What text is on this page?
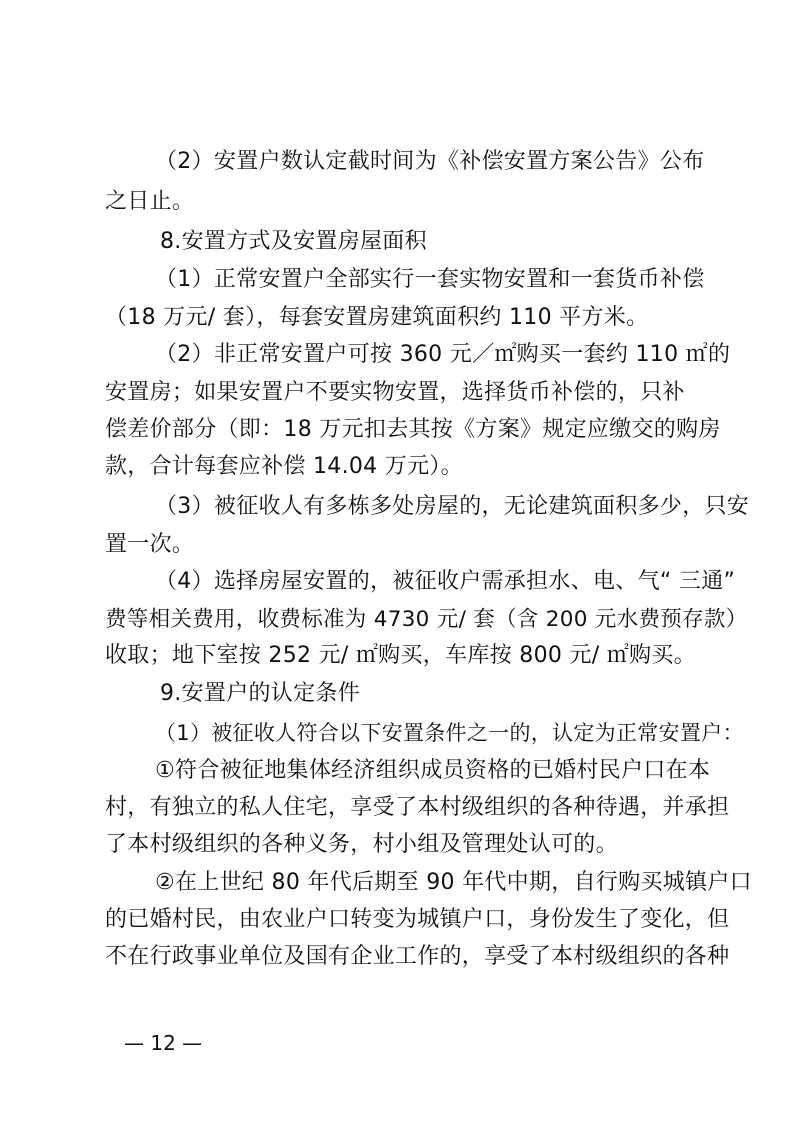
（2）安置户数认定截时间为《补偿安置方案公告》公布
之日止。
8.安置方式及安置房屋面积
（1）正常安置户全部实行一套实物安置和一套货币补偿
（18 万元/ 套），每套安置房建筑面积约 110 平方米。
（2）非正常安置户可按 360 元／㎡购买一套约 110 ㎡的
安置房；如果安置户不要实物安置，选择货币补偿的，只补
偿差价部分（即：18 万元扣去其按《方案》规定应缴交的购房
款，合计每套应补偿 14.04 万元）。
（3）被征收人有多栋多处房屋的，无论建筑面积多少，只安
置一次。
（4）选择房屋安置的，被征收户需承担水、电、气“ 三通”
费等相关费用，收费标准为 4730 元/ 套（含 200 元水费预存款）
收取；地下室按 252 元/ ㎡购买，车库按 800 元/ ㎡购买。
9.安置户的认定条件
（1）被征收人符合以下安置条件之一的，认定为正常安置户：
①符合被征地集体经济组织成员资格的已婚村民户口在本
村，有独立的私人住宅，享受了本村级组织的各种待遇，并承担
了本村级组织的各种义务，村小组及管理处认可的。
②在上世纪 80 年代后期至 90 年代中期，自行购买城镇户口
的已婚村民，由农业户口转变为城镇户口，身份发生了变化，但
不在行政事业单位及国有企业工作的，享受了本村级组织的各种
— 12 —
